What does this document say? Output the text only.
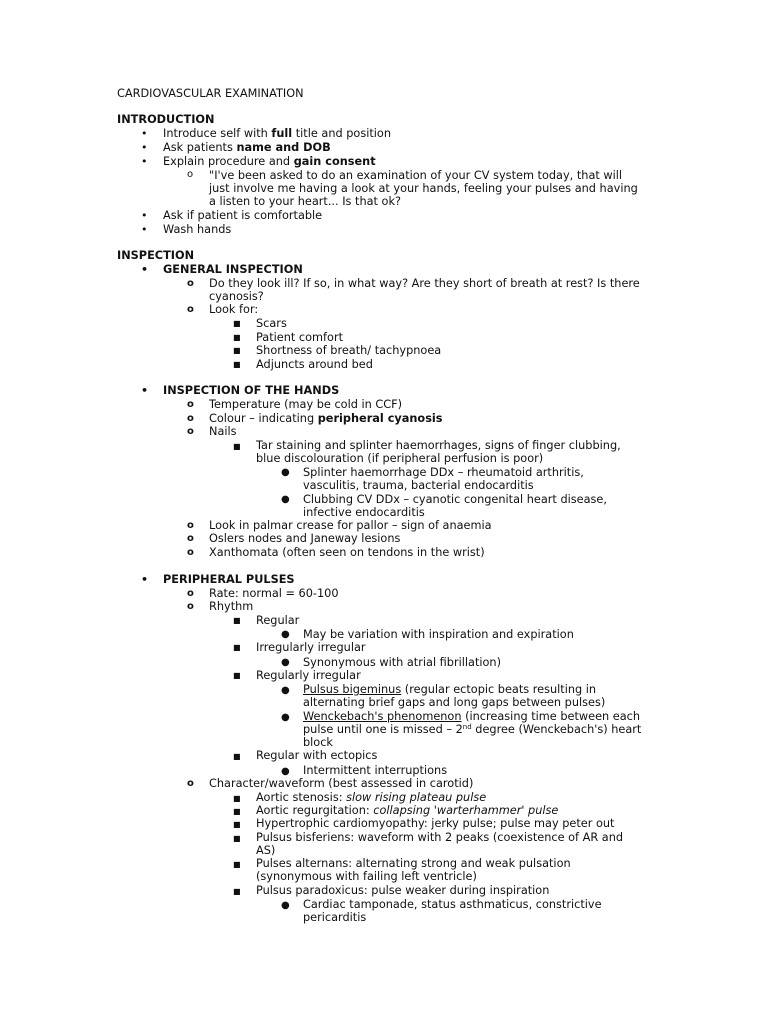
CARDIOVASCULAR EXAMINATION
INTRODUCTION
• Introduce self with full title and position
• Ask patients name and DOB
• Explain procedure and gain consent
o "I've been asked to do an examination of your CV system today, that will
just involve me having a look at your hands, feeling your pulses and having
a listen to your heart... Is that ok?
• Ask if patient is comfortable
• Wash hands
INSPECTION
• GENERAL INSPECTION
o Do they look ill? If so, in what way? Are they short of breath at rest? Is there
cyanosis?
o Look for:
■ Scars
■ Patient comfort
■ Shortness of breath/ tachypnoea
■ Adjuncts around bed
• INSPECTION OF THE HANDS
o Temperature (may be cold in CCF)
o Colour – indicating peripheral cyanosis
o Nails
■ Tar staining and splinter haemorrhages, signs of finger clubbing,
blue discolouration (if peripheral perfusion is poor)
● Splinter haemorrhage DDx – rheumatoid arthritis,
vasculitis, trauma, bacterial endocarditis
● Clubbing CV DDx – cyanotic congenital heart disease,
infective endocarditis
o Look in palmar crease for pallor – sign of anaemia
o Oslers nodes and Janeway lesions
o Xanthomata (often seen on tendons in the wrist)
• PERIPHERAL PULSES
o Rate: normal = 60-100
o Rhythm
■ Regular
● May be variation with inspiration and expiration
■ Irregularly irregular
● Synonymous with atrial fibrillation)
■ Regularly irregular
● Pulsus bigeminus (regular ectopic beats resulting in
alternating brief gaps and long gaps between pulses)
● Wenckebach's phenomenon (increasing time between each
pulse until one is missed – 2nd degree (Wenckebach's) heart
block
■ Regular with ectopics
● Intermittent interruptions
o Character/waveform (best assessed in carotid)
■ Aortic stenosis: slow rising plateau pulse
■ Aortic regurgitation: collapsing 'warterhammer' pulse
■ Hypertrophic cardiomyopathy: jerky pulse; pulse may peter out
■ Pulsus bisferiens: waveform with 2 peaks (coexistence of AR and
AS)
■ Pulses alternans: alternating strong and weak pulsation
(synonymous with failing left ventricle)
■ Pulsus paradoxicus: pulse weaker during inspiration
● Cardiac tamponade, status asthmaticus, constrictive
pericarditis
